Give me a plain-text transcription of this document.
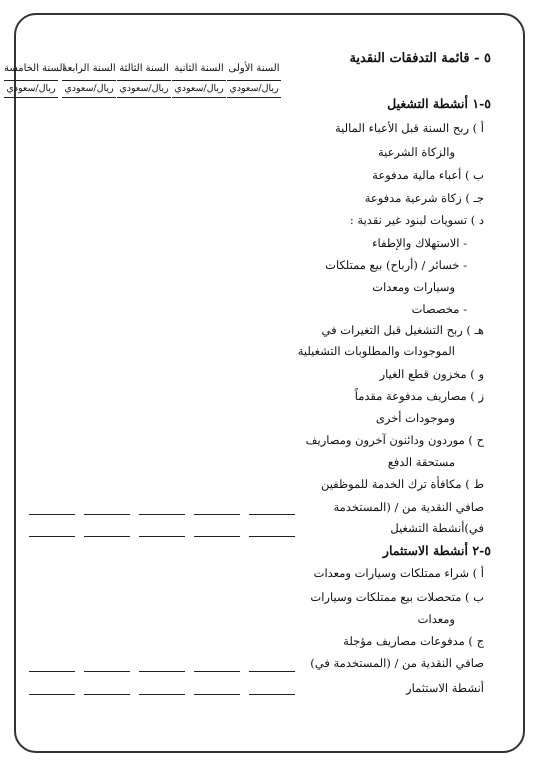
٥ - قائمة التدفقات النقدية
السنة الأولى
ريال/سعودي
السنة الثانية
ريال/سعودي
السنة الثالثة
ريال/سعودي
السنة الرابعة
ريال/سعودي
السنة الخامسة
ريال/سعودي
٥-١ أنشطة التشغيل
أ ) ربح السنة قبل الأعباء المالية
والزكاة الشرعية
ب ) أعباء مالية مدفوعة
جـ ) زكاة شرعية مدفوعة
د ) تسويات لبنود غير نقدية :
- الاستهلاك والإطفاء
- خسائر / (أرباح) بيع ممتلكات
وسيارات ومعدات
- مخصصات
هـ ) ربح التشغيل قبل التغيرات في
الموجودات والمطلوبات التشغيلية
و ) مخزون قطع الغيار
ز ) مصاريف مدفوعة مقدماً
وموجودات أخرى
ح ) موردون ودائنون آخرون ومصاريف
مستحقة الدفع
ط ) مكافأة ترك الخدمة للموظفين
صافي النقدية من / (المستخدمة
في)أنشطة التشغيل
٥-٢ أنشطة الاستثمار
أ ) شراء ممتلكات وسيارات ومعدات
ب ) متحصلات بيع ممتلكات وسيارات
ومعدات
ج ) مدفوعات مصاريف مؤجلة
صافي النقدية من / (المستخدمة في)
أنشطة الاستثمار
